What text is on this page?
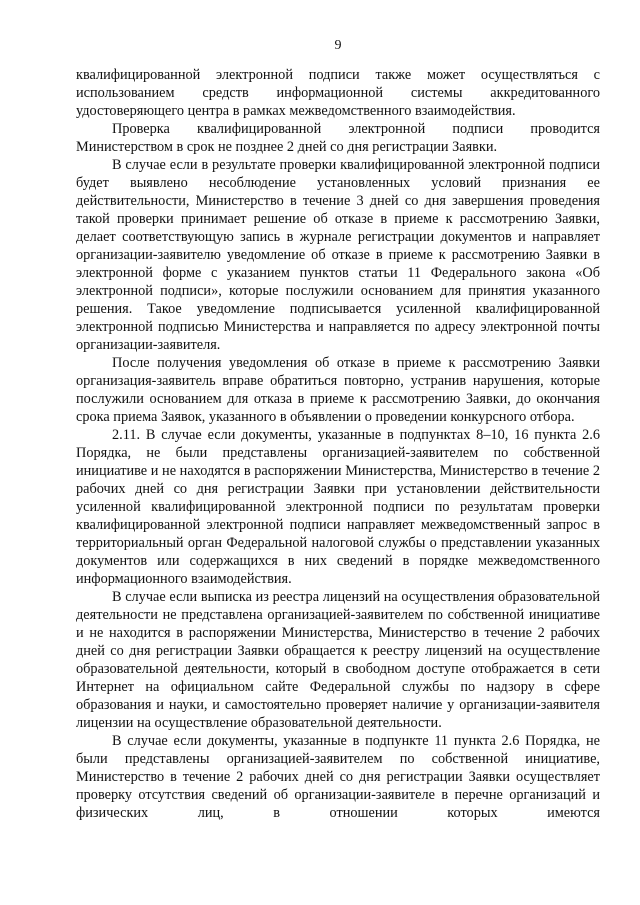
9

квалифицированной электронной подписи также может осуществляться с использованием средств информационной системы аккредитованного удостоверяющего центра в рамках межведомственного взаимодействия.

Проверка квалифицированной электронной подписи проводится Министерством в срок не позднее 2 дней со дня регистрации Заявки.

В случае если в результате проверки квалифицированной электронной подписи будет выявлено несоблюдение установленных условий признания ее действительности, Министерство в течение 3 дней со дня завершения проведения такой проверки принимает решение об отказе в приеме к рассмотрению Заявки, делает соответствующую запись в журнале регистрации документов и направляет организации-заявителю уведомление об отказе в приеме к рассмотрению Заявки в электронной форме с указанием пунктов статьи 11 Федерального закона «Об электронной подписи», которые послужили основанием для принятия указанного решения. Такое уведомление подписывается усиленной квалифицированной электронной подписью Министерства и направляется по адресу электронной почты организации-заявителя.

После получения уведомления об отказе в приеме к рассмотрению Заявки организация-заявитель вправе обратиться повторно, устранив нарушения, которые послужили основанием для отказа в приеме к рассмотрению Заявки, до окончания срока приема Заявок, указанного в объявлении о проведении конкурсного отбора.

2.11. В случае если документы, указанные в подпунктах 8–10, 16 пункта 2.6 Порядка, не были представлены организацией-заявителем по собственной инициативе и не находятся в распоряжении Министерства, Министерство в течение 2 рабочих дней со дня регистрации Заявки при установлении действительности усиленной квалифицированной электронной подписи по результатам проверки квалифицированной электронной подписи направляет межведомственный запрос в территориальный орган Федеральной налоговой службы о представлении указанных документов или содержащихся в них сведений в порядке межведомственного информационного взаимодействия.

В случае если выписка из реестра лицензий на осуществления образовательной деятельности не представлена организацией-заявителем по собственной инициативе и не находится в распоряжении Министерства, Министерство в течение 2 рабочих дней со дня регистрации Заявки обращается к реестру лицензий на осуществление образовательной деятельности, который в свободном доступе отображается в сети Интернет на официальном сайте Федеральной службы по надзору в сфере образования и науки, и самостоятельно проверяет наличие у организации-заявителя лицензии на осуществление образовательной деятельности.

В случае если документы, указанные в подпункте 11 пункта 2.6 Порядка, не были представлены организацией-заявителем по собственной инициативе, Министерство в течение 2 рабочих дней со дня регистрации Заявки осуществляет проверку отсутствия сведений об организации-заявителе в перечне организаций и физических лиц, в отношении которых имеются
